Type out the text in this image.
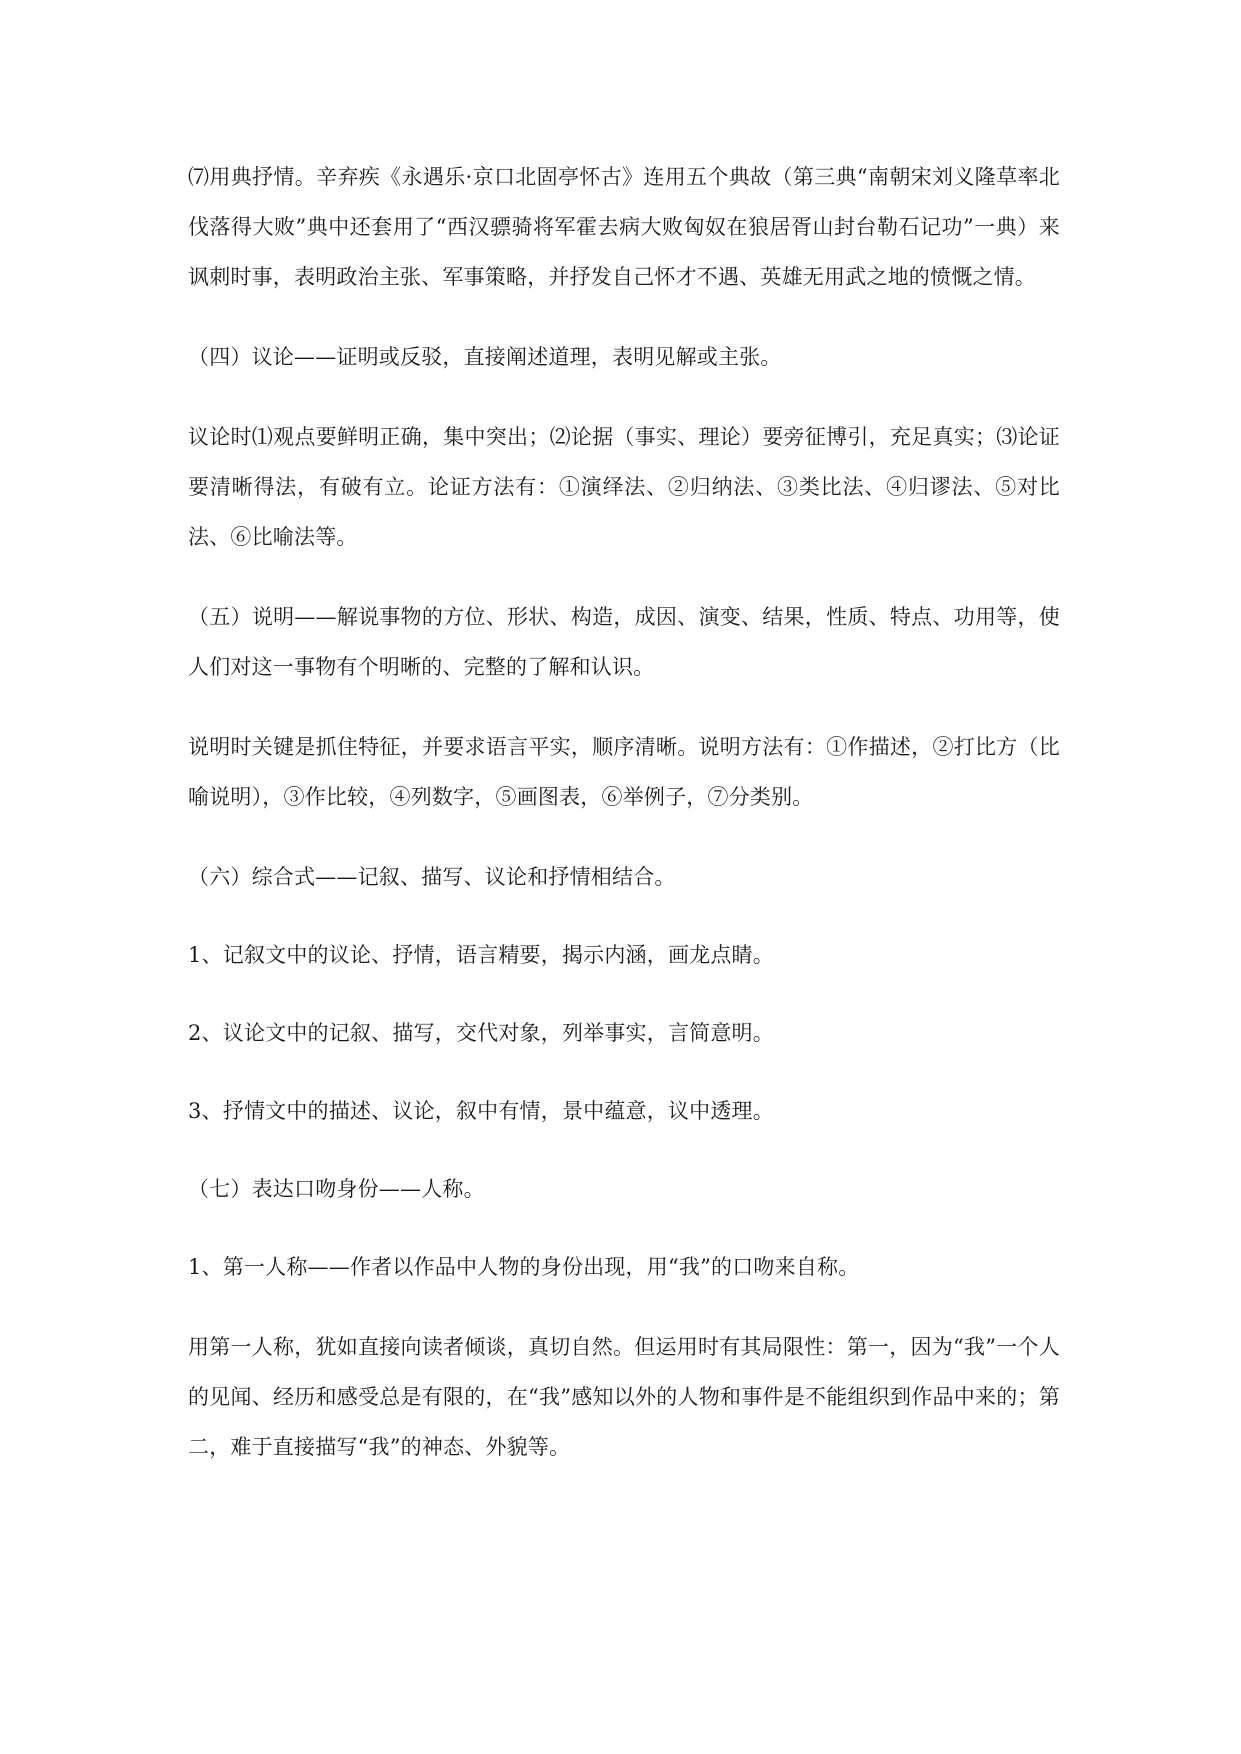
⑺用典抒情。辛弃疾《永遇乐·京口北固亭怀古》连用五个典故（第三典“南朝宋刘义隆草率北伐落得大败”典中还套用了“西汉骠骑将军霍去病大败匈奴在狼居胥山封台勒石记功”一典）来讽刺时事，表明政治主张、军事策略，并抒发自己怀才不遇、英雄无用武之地的愤慨之情。

（四）议论——证明或反驳，直接阐述道理，表明见解或主张。

议论时⑴观点要鲜明正确，集中突出；⑵论据（事实、理论）要旁征博引，充足真实；⑶论证要清晰得法，有破有立。论证方法有：①演绎法、②归纳法、③类比法、④归谬法、⑤对比法、⑥比喻法等。

（五）说明——解说事物的方位、形状、构造，成因、演变、结果，性质、特点、功用等，使人们对这一事物有个明晰的、完整的了解和认识。

说明时关键是抓住特征，并要求语言平实，顺序清晰。说明方法有：①作描述，②打比方（比喻说明），③作比较，④列数字，⑤画图表，⑥举例子，⑦分类别。

（六）综合式——记叙、描写、议论和抒情相结合。

1、记叙文中的议论、抒情，语言精要，揭示内涵，画龙点睛。

2、议论文中的记叙、描写，交代对象，列举事实，言简意明。

3、抒情文中的描述、议论，叙中有情，景中蕴意，议中透理。

（七）表达口吻身份——人称。

1、第一人称——作者以作品中人物的身份出现，用“我”的口吻来自称。

用第一人称，犹如直接向读者倾谈，真切自然。但运用时有其局限性：第一，因为“我”一个人的见闻、经历和感受总是有限的，在“我”感知以外的人物和事件是不能组织到作品中来的；第二，难于直接描写“我”的神态、外貌等。
